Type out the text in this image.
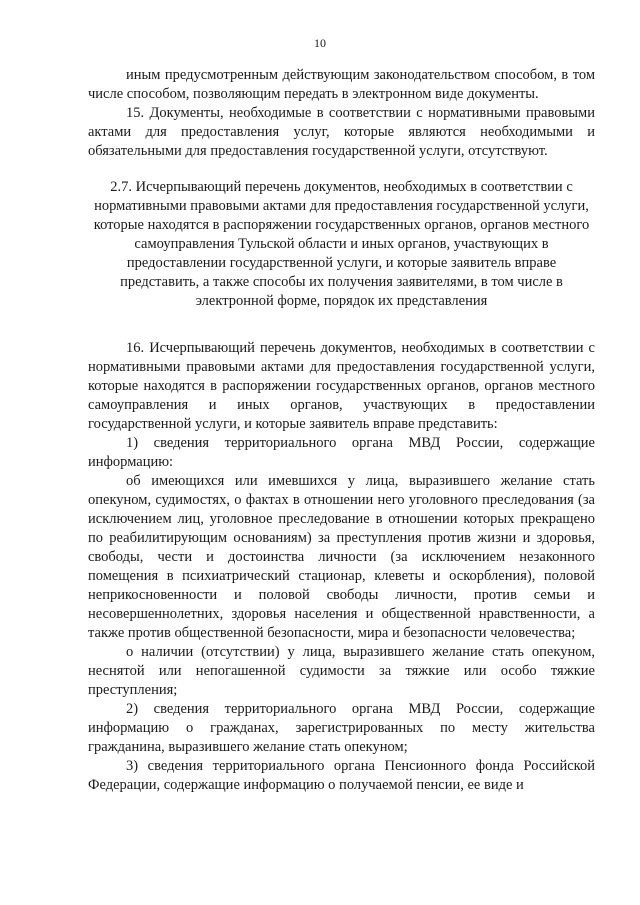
10

иным предусмотренным действующим законодательством способом, в том числе способом, позволяющим передать в электронном виде документы.

15. Документы, необходимые в соответствии с нормативными правовыми актами для предоставления услуг, которые являются необходимыми и обязательными для предоставления государственной услуги, отсутствуют.

2.7. Исчерпывающий перечень документов, необходимых в соответствии с нормативными правовыми актами для предоставления государственной услуги, которые находятся в распоряжении государственных органов, органов местного самоуправления Тульской области и иных органов, участвующих в предоставлении государственной услуги, и которые заявитель вправе представить, а также способы их получения заявителями, в том числе в электронной форме, порядок их представления

16. Исчерпывающий перечень документов, необходимых в соответствии с нормативными правовыми актами для предоставления государственной услуги, которые находятся в распоряжении государственных органов, органов местного самоуправления и иных органов, участвующих в предоставлении государственной услуги, и которые заявитель вправе представить:

1) сведения территориального органа МВД России, содержащие информацию:

об имеющихся или имевшихся у лица, выразившего желание стать опекуном, судимостях, о фактах в отношении него уголовного преследования (за исключением лиц, уголовное преследование в отношении которых прекращено по реабилитирующим основаниям) за преступления против жизни и здоровья, свободы, чести и достоинства личности (за исключением незаконного помещения в психиатрический стационар, клеветы и оскорбления), половой неприкосновенности и половой свободы личности, против семьи и несовершеннолетних, здоровья населения и общественной нравственности, а также против общественной безопасности, мира и безопасности человечества;

о наличии (отсутствии) у лица, выразившего желание стать опекуном, неснятой или непогашенной судимости за тяжкие или особо тяжкие преступления;

2) сведения территориального органа МВД России, содержащие информацию о гражданах, зарегистрированных по месту жительства гражданина, выразившего желание стать опекуном;

3) сведения территориального органа Пенсионного фонда Российской Федерации, содержащие информацию о получаемой пенсии, ее виде и
